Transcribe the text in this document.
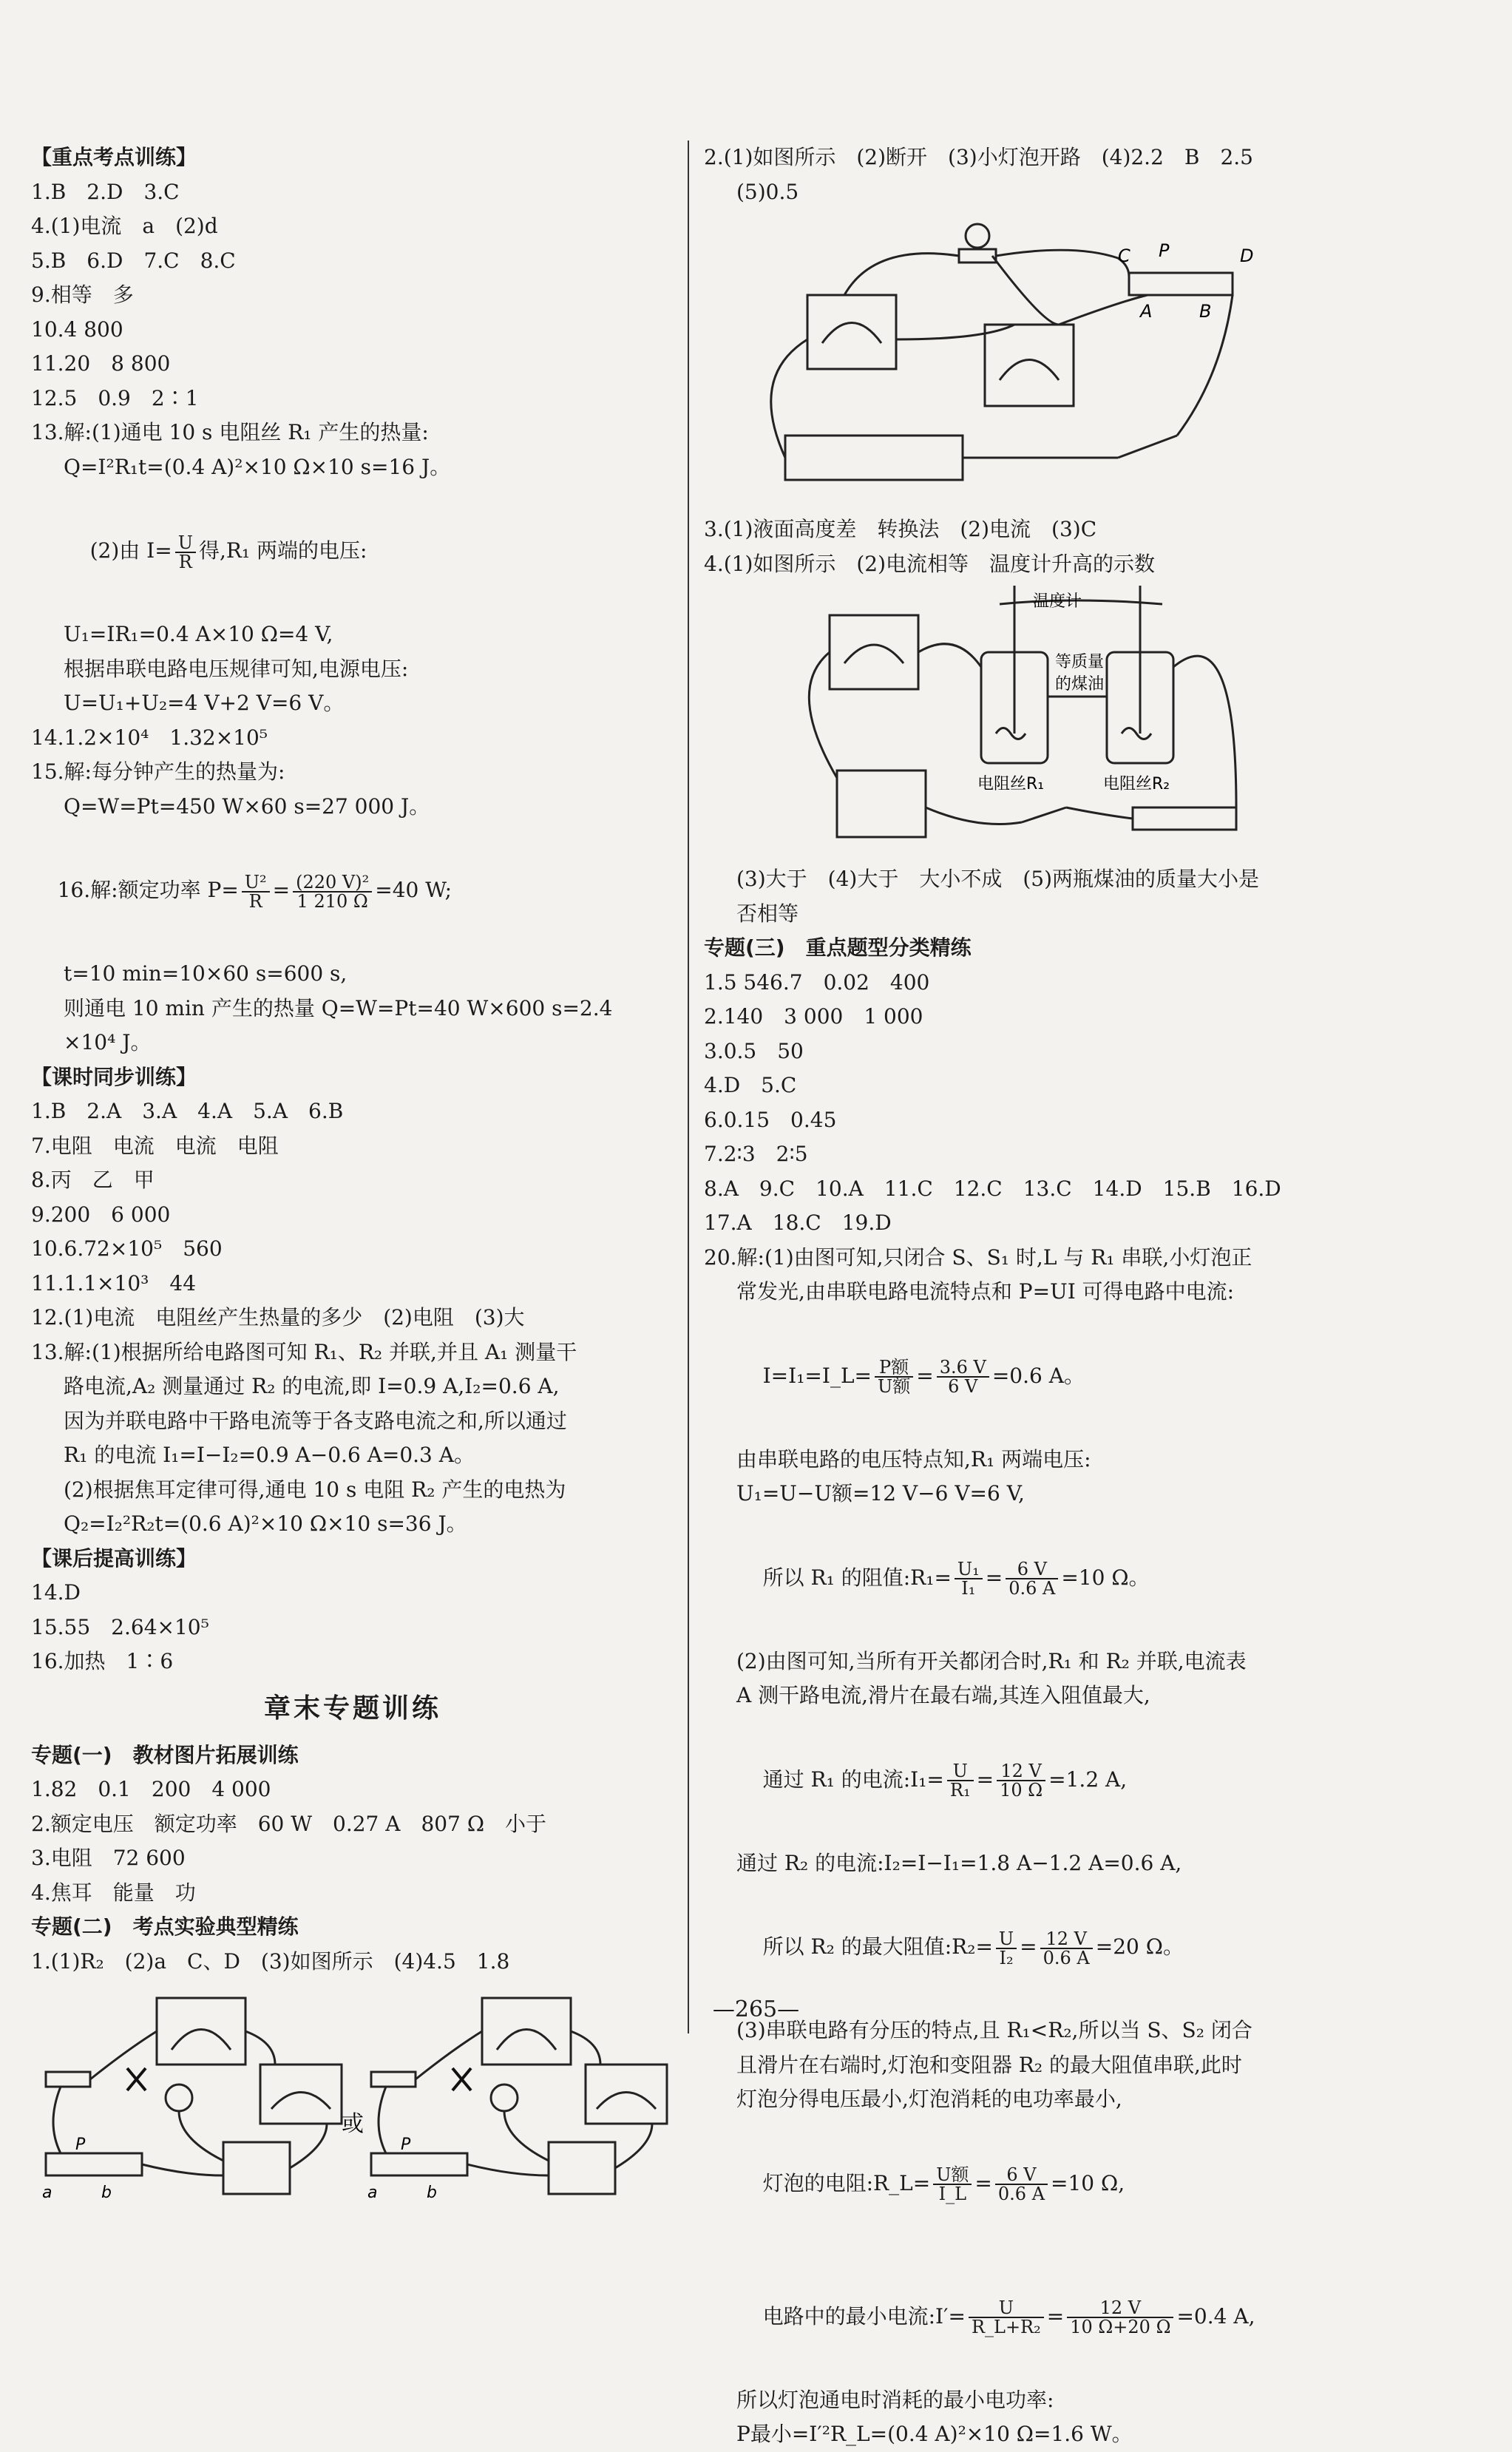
【重点考点训练】
1.B　2.D　3.C
4.(1)电流　a　(2)d
5.B　6.D　7.C　8.C
9.相等　多
10.4 800
11.20　8 800
12.5　0.9　2∶1
13.解:(1)通电 10 s 电阻丝 R₁ 产生的热量:
Q=I²R₁t=(0.4 A)²×10 Ω×10 s=16 J。

(2)由 $I= \frac{U}{R}$ 得,R₁ 两端的电压:

U₁=IR₁=0.4 A×10 Ω=4 V,
根据串联电路电压规律可知,电源电压:
U=U₁+U₂=4 V+2 V=6 V。
14.1.2×10⁴　1.32×10⁵
15.解:每分钟产生的热量为:
Q=W=Pt=450 W×60 s=27 000 J。

16.解:额定功率 $P= \frac{\text{U²}}{R} = \frac{\text{(220 V)²}}{1 210 \Omega} =40$ W;

t=10 min=10×60 s=600 s,
则通电 10 min 产生的热量 Q=W=Pt=40 W×600 s=2.4
×10⁴ J。
【课时同步训练】
1.B　2.A　3.A　4.A　5.A　6.B
7.电阻　电流　电流　电阻
8.丙　乙　甲
9.200　6 000
10.6.72×10⁵　560
11.1.1×10³　44
12.(1)电流　电阻丝产生热量的多少　(2)电阻　(3)大
13.解:(1)根据所给电路图可知 R₁、R₂ 并联,并且 A₁ 测量干
路电流,A₂ 测量通过 R₂ 的电流,即 I=0.9 A,I₂=0.6 A,
因为并联电路中干路电流等于各支路电流之和,所以通过
R₁ 的电流 I₁=I−I₂=0.9 A−0.6 A=0.3 A。
(2)根据焦耳定律可得,通电 10 s 电阻 R₂ 产生的电热为
Q₂=I₂²R₂t=(0.6 A)²×10 Ω×10 s=36 J。
【课后提高训练】
14.D
15.55　2.64×10⁵
16.加热　1∶6
章末专题训练
专题(一)　教材图片拓展训练
1.82　0.1　200　4 000
2.额定电压　额定功率　60 W　0.27 A　807 Ω　小于
3.电阻　72 600
4.焦耳　能量　功
专题(二)　考点实验典型精练
1.(1)R₂　(2)a　C、D　(3)如图所示　(4)4.5　1.8
或
P
a	b
P
a	b
2.(1)如图所示　(2)断开　(3)小灯泡开路　(4)2.2　B　2.5
(5)0.5
C P	D
A	B
3.(1)液面高度差　转换法　(2)电流　(3)C
4.(1)如图所示　(2)电流相等　温度计升高的示数
温度计
等质量
的煤油
电阻丝R₁	电阻丝R₂
(3)大于　(4)大于　大小不成　(5)两瓶煤油的质量大小是
否相等
专题(三)　重点题型分类精练
1.5 546.7　0.02　400
2.140　3 000　1 000
3.0.5　50
4.D　5.C
6.0.15　0.45
7.2∶3　2∶5
8.A　9.C　10.A　11.C　12.C　13.C　14.D　15.B　16.D
17.A　18.C　19.D
20.解:(1)由图可知,只闭合 S、S₁ 时,L 与 R₁ 串联,小灯泡正
常发光,由串联电路电流特点和 P=UI 可得电路中电流:

I=I₁=I_L= $\frac{\text{P额}}{\text{U额}} = \frac{3.6 V}{6 V} =0.6$ A。

由串联电路的电压特点知,R₁ 两端电压:
U₁=U−U额=12 V−6 V=6 V,

所以 R₁ 的阻值:R₁= $\frac{\text{U₁}}{\text{I₁}} = \frac{6 V}{0.6 A} =10$ Ω。

(2)由图可知,当所有开关都闭合时,R₁ 和 R₂ 并联,电流表
A 测干路电流,滑片在最右端,其连入阻值最大,

通过 R₁ 的电流:I₁= $\frac{U}{\text{R₁}} = \frac{12 V}{10 \Omega} =1.2$ A,

通过 R₂ 的电流:I₂=I−I₁=1.8 A−1.2 A=0.6 A,

所以 R₂ 的最大阻值:R₂= $\frac{U}{\text{I₂}} = \frac{12 V}{0.6 A} =20$ Ω。

(3)串联电路有分压的特点,且 R₁<R₂,所以当 S、S₂ 闭合
且滑片在右端时,灯泡和变阻器 R₂ 的最大阻值串联,此时
灯泡分得电压最小,灯泡消耗的电功率最小,

灯泡的电阻:R_L= $\frac{\text{U额}}{I\_L} = \frac{6 V}{0.6 A} =10$ Ω,

电路中的最小电流:I′= $\frac{U}{\text{R\_L+R₂}} = \frac{12 V}{10 \Omega+20 \Omega} =0.4$ A,

所以灯泡通电时消耗的最小电功率:
P最小=I′²R_L=(0.4 A)²×10 Ω=1.6 W。
—265—
